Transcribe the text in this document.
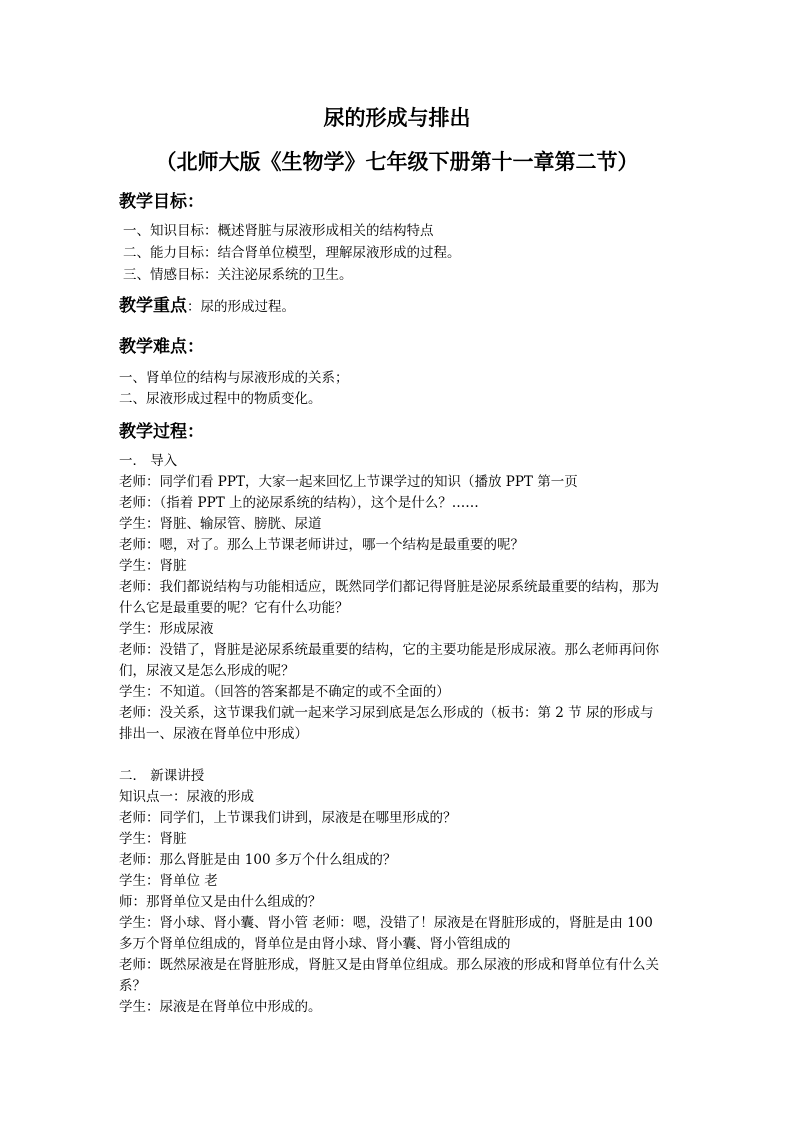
尿的形成与排出
（北师大版《生物学》七年级下册第十一章第二节）
教学目标：
一、知识目标：概述肾脏与尿液形成相关的结构特点
二、能力目标：结合肾单位模型，理解尿液形成的过程。
三、情感目标：关注泌尿系统的卫生。
教学重点：尿的形成过程。
教学难点：
一、肾单位的结构与尿液形成的关系；
二、尿液形成过程中的物质变化。
教学过程：
一． 导入
老师：同学们看 PPT，大家一起来回忆上节课学过的知识（播放 PPT 第一页
老师：（指着 PPT 上的泌尿系统的结构），这个是什么？……
学生：肾脏、输尿管、膀胱、尿道
老师：嗯，对了。那么上节课老师讲过，哪一个结构是最重要的呢？
学生：肾脏
老师：我们都说结构与功能相适应，既然同学们都记得肾脏是泌尿系统最重要的结构，那为
什么它是最重要的呢？它有什么功能？
学生：形成尿液
老师：没错了，肾脏是泌尿系统最重要的结构，它的主要功能是形成尿液。那么老师再问你
们，尿液又是怎么形成的呢？
学生：不知道。（回答的答案都是不确定的或不全面的）
老师：没关系，这节课我们就一起来学习尿到底是怎么形成的（板书：第 2 节 尿的形成与
排出一、尿液在肾单位中形成）
二． 新课讲授
知识点一：尿液的形成
老师：同学们，上节课我们讲到，尿液是在哪里形成的？
学生：肾脏
老师：那么肾脏是由 100 多万个什么组成的？
学生：肾单位 老
师：那肾单位又是由什么组成的？
学生：肾小球、肾小囊、肾小管 老师：嗯，没错了！尿液是在肾脏形成的，肾脏是由 100
多万个肾单位组成的，肾单位是由肾小球、肾小囊、肾小管组成的
老师：既然尿液是在肾脏形成，肾脏又是由肾单位组成。那么尿液的形成和肾单位有什么关
系？
学生：尿液是在肾单位中形成的。
